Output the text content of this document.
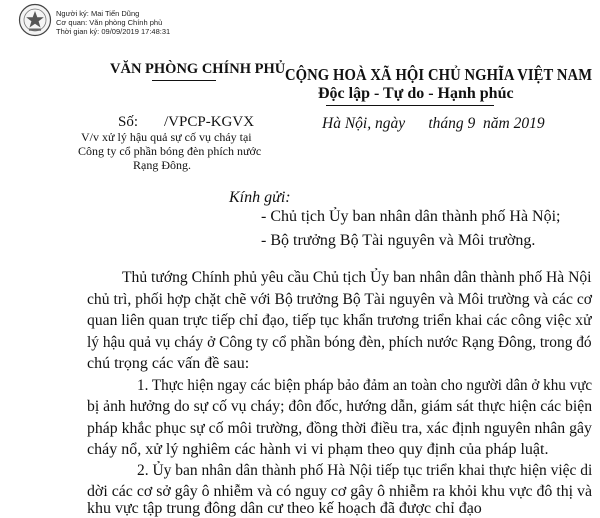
Người ký: Mai Tiến Dũng
Cơ quan: Văn phòng Chính phủ
Thời gian ký: 09/09/2019 17:48:31
VĂN PHÒNG CHÍNH PHỦ CỘNG HOÀ XÃ HỘI CHỦ NGHĨA VIỆT NAM
Độc lập - Tự do - Hạnh phúc
Số: /VPCP-KGVX	Hà Nội, ngày      tháng 9  năm 2019
V/v xử lý hậu quả sự cố vụ cháy tại
Công ty cổ phần bóng đèn phích nước
Rạng Đông.
Kính gửi:
- Chủ tịch Ủy ban nhân dân thành phố Hà Nội;
- Bộ trưởng Bộ Tài nguyên và Môi trường.
Thủ tướng Chính phủ yêu cầu Chủ tịch Ủy ban nhân dân thành phố Hà Nội
chủ trì, phối hợp chặt chẽ với Bộ trưởng Bộ Tài nguyên và Môi trường và các cơ
quan liên quan trực tiếp chỉ đạo, tiếp tục khẩn trương triển khai các công việc xử
lý hậu quả vụ cháy ở Công ty cổ phần bóng đèn, phích nước Rạng Đông, trong đó
chú trọng các vấn đề sau:
1. Thực hiện ngay các biện pháp bảo đảm an toàn cho người dân ở khu vực
bị ảnh hưởng do sự cố vụ cháy; đôn đốc, hướng dẫn, giám sát thực hiện các biện
pháp khắc phục sự cố môi trường, đồng thời điều tra, xác định nguyên nhân gây
cháy nổ, xử lý nghiêm các hành vi vi phạm theo quy định của pháp luật.
2. Ủy ban nhân dân thành phố Hà Nội tiếp tục triển khai thực hiện việc di
dời các cơ sở gây ô nhiễm và có nguy cơ gây ô nhiễm ra khỏi khu vực đô thị và
khu vực tập trung đông dân cư theo kế hoạch đã được chỉ đạo
